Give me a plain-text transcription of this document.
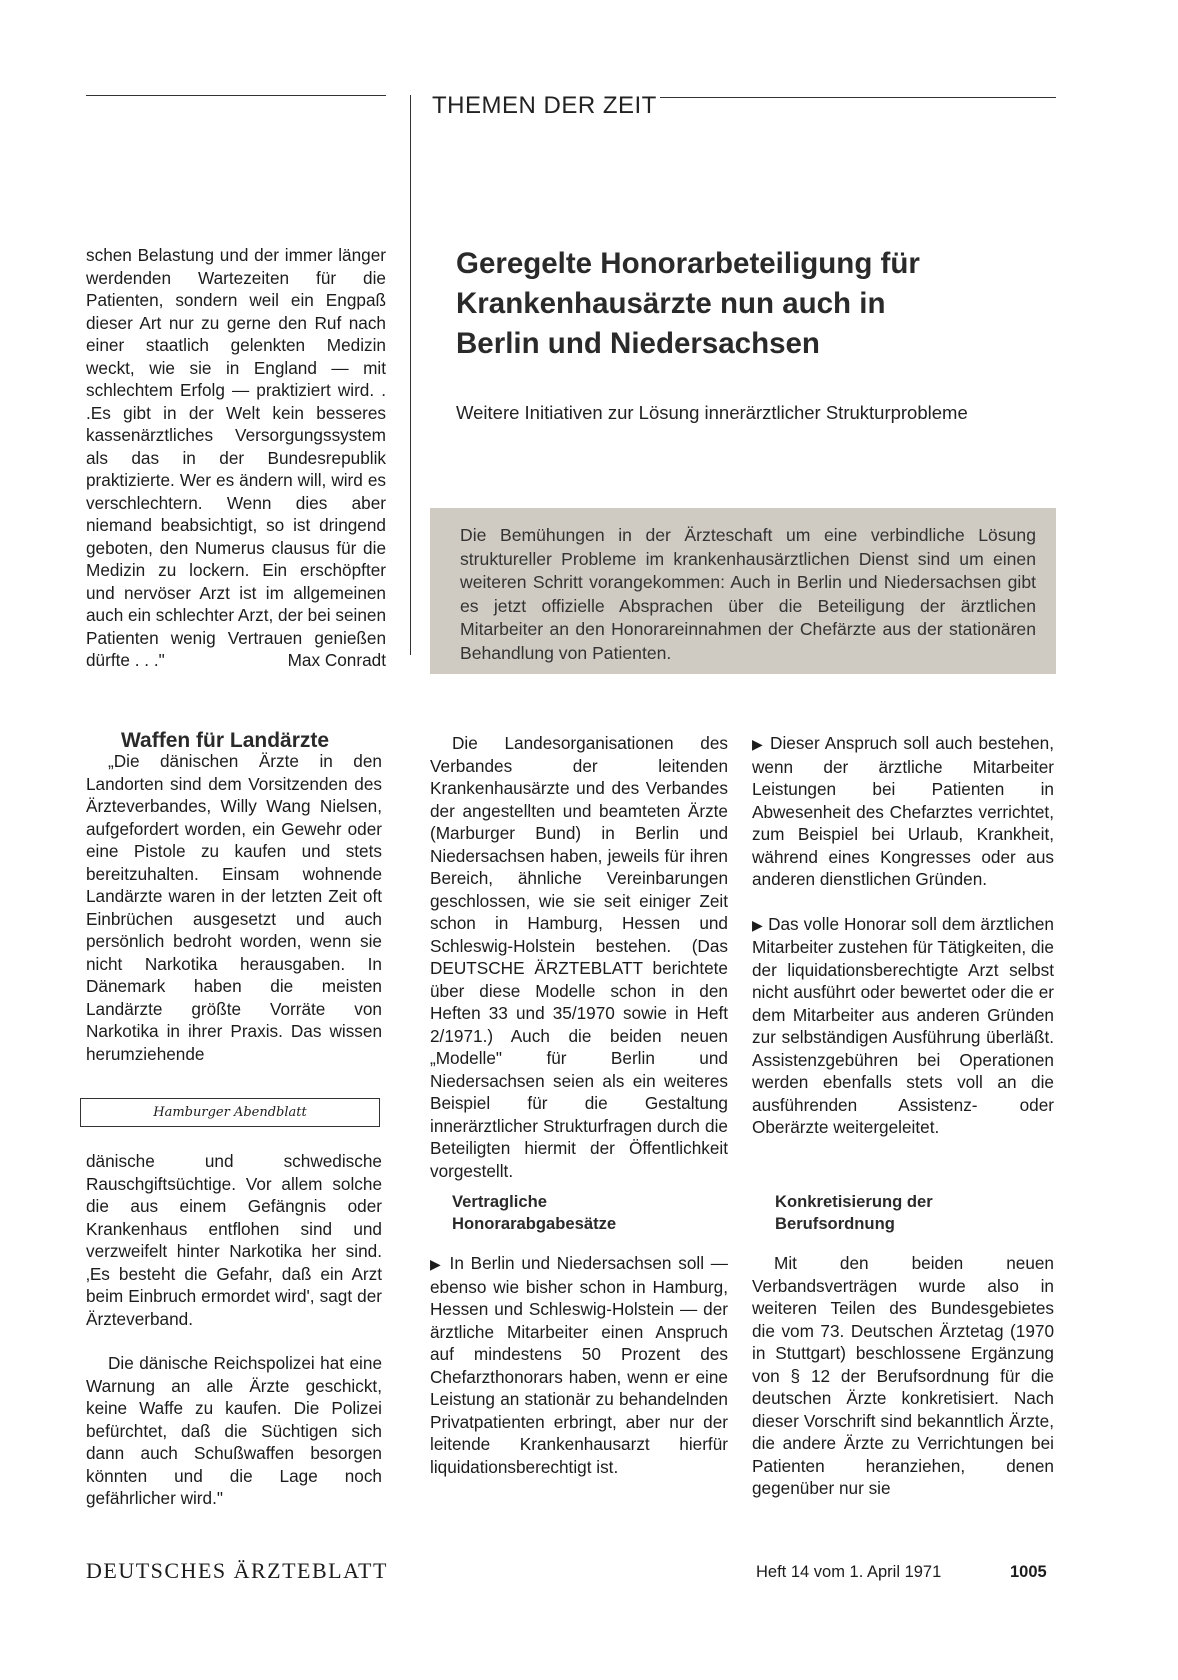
THEMEN DER ZEIT

schen Belastung und der immer länger werdenden Wartezeiten für die Patienten, sondern weil ein Engpaß dieser Art nur zu gerne den Ruf nach einer staatlich gelenkten Medizin weckt, wie sie in England — mit schlechtem Erfolg — praktiziert wird. . .Es gibt in der Welt kein besseres kassenärztliches Versorgungssystem als das in der Bundesrepublik praktizierte. Wer es ändern will, wird es verschlechtern. Wenn dies aber niemand beabsichtigt, so ist dringend geboten, den Numerus clausus für die Medizin zu lockern. Ein erschöpfter und nervöser Arzt ist im allgemeinen auch ein schlechter Arzt, der bei seinen Patienten wenig Vertrauen genießen dürfte . . ."	Max Conradt

Geregelte Honorarbeteiligung für Krankenhausärzte nun auch in Berlin und Niedersachsen
Weitere Initiativen zur Lösung innerärztlicher Strukturprobleme
Die Bemühungen in der Ärzteschaft um eine verbindliche Lösung struktureller Probleme im krankenhausärztlichen Dienst sind um einen weiteren Schritt vorangekommen: Auch in Berlin und Niedersachsen gibt es jetzt offizielle Absprachen über die Beteiligung der ärztlichen Mitarbeiter an den Honorareinnahmen der Chefärzte aus der stationären Behandlung von Patienten.
Waffen für Landärzte

„Die dänischen Ärzte in den Landorten sind dem Vorsitzenden des Ärzteverbandes, Willy Wang Nielsen, aufgefordert worden, ein Gewehr oder eine Pistole zu kaufen und stets bereitzuhalten. Einsam wohnende Landärzte waren in der letzten Zeit oft Einbrüchen ausgesetzt und auch persönlich bedroht worden, wenn sie nicht Narkotika herausgaben. In Dänemark haben die meisten Landärzte größte Vorräte von Narkotika in ihrer Praxis. Das wissen herumziehende

Hamburger Abendblatt

dänische und schwedische Rauschgiftsüchtige. Vor allem solche die aus einem Gefängnis oder Krankenhaus entflohen sind und verzweifelt hinter Narkotika her sind. ‚Es besteht die Gefahr, daß ein Arzt beim Einbruch ermordet wird', sagt der Ärzteverband.

Die dänische Reichspolizei hat eine Warnung an alle Ärzte geschickt, keine Waffe zu kaufen. Die Polizei befürchtet, daß die Süchtigen sich dann auch Schußwaffen besorgen könnten und die Lage noch gefährlicher wird."

Die Landesorganisationen des Verbandes der leitenden Krankenhausärzte und des Verbandes der angestellten und beamteten Ärzte (Marburger Bund) in Berlin und Niedersachsen haben, jeweils für ihren Bereich, ähnliche Vereinbarungen geschlossen, wie sie seit einiger Zeit schon in Hamburg, Hessen und Schleswig-Holstein bestehen. (Das DEUTSCHE ÄRZTEBLATT berichtete über diese Modelle schon in den Heften 33 und 35/1970 sowie in Heft 2/1971.) Auch die beiden neuen „Modelle" für Berlin und Niedersachsen seien als ein weiteres Beispiel für die Gestaltung innerärztlicher Strukturfragen durch die Beteiligten hiermit der Öffentlichkeit vorgestellt.

Vertragliche Honorarabgabesätze

▶ In Berlin und Niedersachsen soll — ebenso wie bisher schon in Hamburg, Hessen und Schleswig-Holstein — der ärztliche Mitarbeiter einen Anspruch auf mindestens 50 Prozent des Chefarzthonorars haben, wenn er eine Leistung an stationär zu behandelnden Privatpatienten erbringt, aber nur der leitende Krankenhausarzt hierfür liquidationsberechtigt ist.

▶ Dieser Anspruch soll auch bestehen, wenn der ärztliche Mitarbeiter Leistungen bei Patienten in Abwesenheit des Chefarztes verrichtet, zum Beispiel bei Urlaub, Krankheit, während eines Kongresses oder aus anderen dienstlichen Gründen.

▶ Das volle Honorar soll dem ärztlichen Mitarbeiter zustehen für Tätigkeiten, die der liquidationsberechtigte Arzt selbst nicht ausführt oder bewertet oder die er dem Mitarbeiter aus anderen Gründen zur selbständigen Ausführung überläßt. Assistenzgebühren bei Operationen werden ebenfalls stets voll an die ausführenden Assistenz- oder Oberärzte weitergeleitet.

Konkretisierung der Berufsordnung

Mit den beiden neuen Verbandsverträgen wurde also in weiteren Teilen des Bundesgebietes die vom 73. Deutschen Ärztetag (1970 in Stuttgart) beschlossene Ergänzung von § 12 der Berufsordnung für die deutschen Ärzte konkretisiert. Nach dieser Vorschrift sind bekanntlich Ärzte, die andere Ärzte zu Verrichtungen bei Patienten heranziehen, denen gegenüber nur sie

DEUTSCHES ÄRZTEBLATT	Heft 14 vom 1. April 1971	1005
